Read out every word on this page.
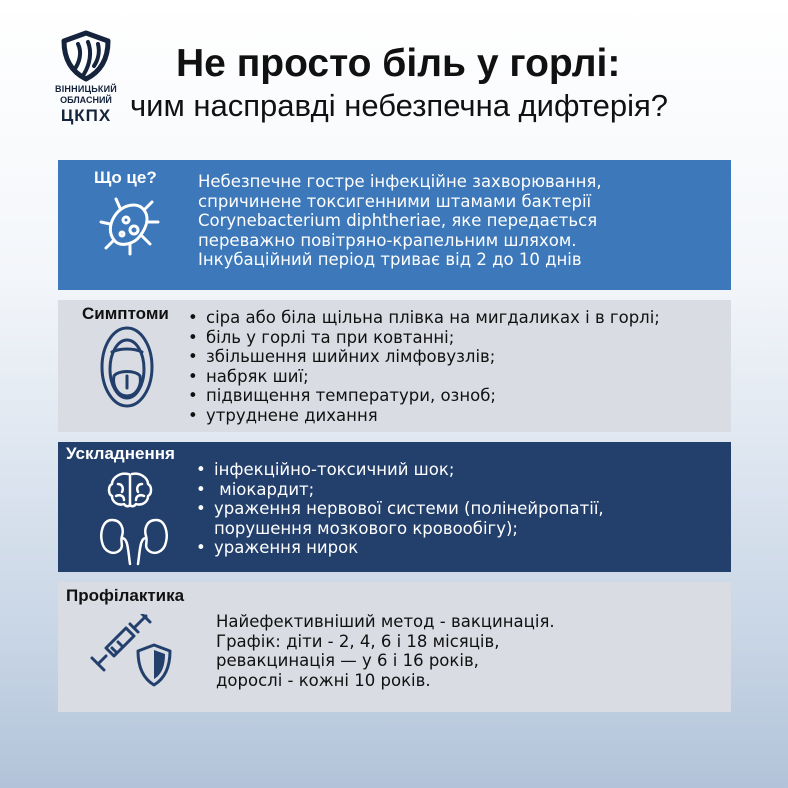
ВІННИЦЬКИЙ
ОБЛАСНИЙ
ЦКПХ
Не просто біль у горлі:
чим насправді небезпечна дифтерія?
Що це?	Небезпечне гостре інфекційне захворювання,
спричинене токсигенними штамами бактерії
Corynebacterium diphtheriae, яке передається
переважно повітряно-крапельним шляхом.
Інкубаційний період триває від 2 до 10 днів
Симптоми
•	сіра або біла щільна плівка на мигдаликах і в горлі;
• біль у горлі та при ковтанні;
• збільшення шийних лімфовузлів;
• набряк шиї;
• підвищення температури, озноб;
• утруднене дихання
Ускладнення
• інфекційно-токсичний шок;
•  міокардит;
• ураження нервової системи (полінейропатії,
порушення мозкового кровообігу);
• ураження нирок
Профілактика
Найефективніший метод - вакцинація.
Графік: діти - 2, 4, 6 і 18 місяців,
ревакцинація — у 6 і 16 років,
дорослі - кожні 10 років.
